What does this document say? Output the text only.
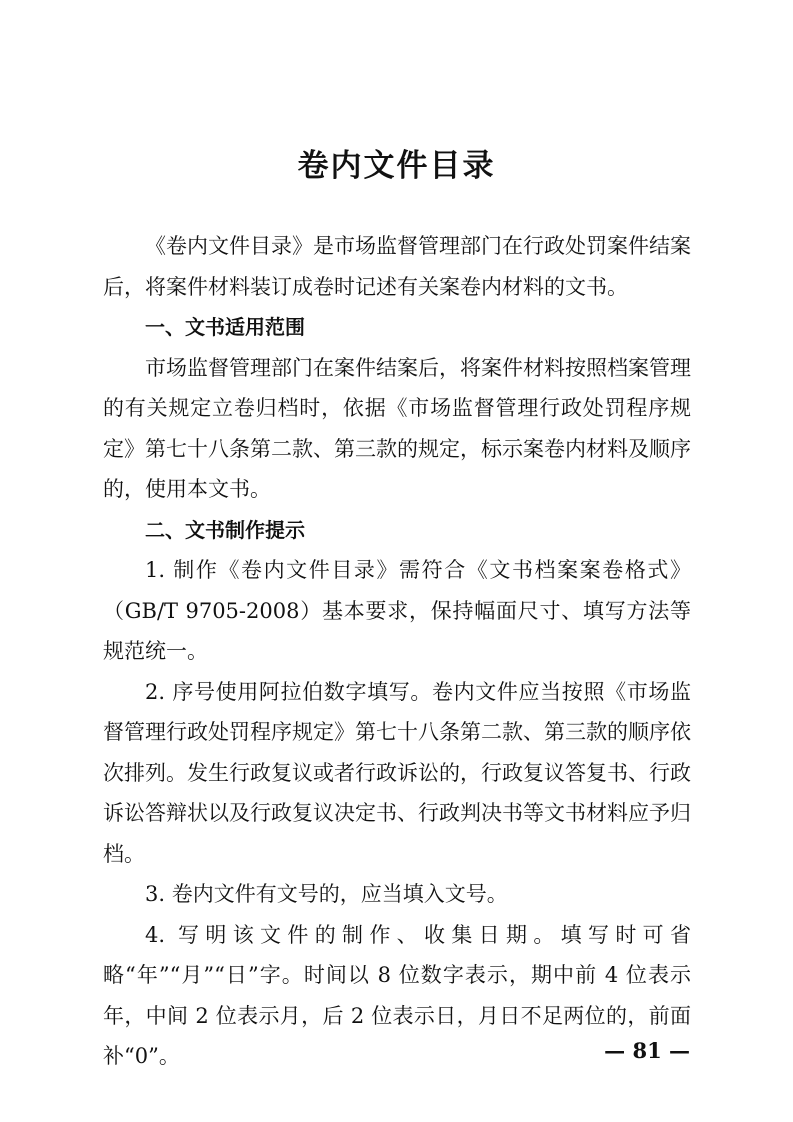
卷内文件目录

《卷内文件目录》是市场监督管理部门在行政处罚案件结案后，将案件材料装订成卷时记述有关案卷内材料的文书。

一、文书适用范围

市场监督管理部门在案件结案后，将案件材料按照档案管理的有关规定立卷归档时，依据《市场监督管理行政处罚程序规定》第七十八条第二款、第三款的规定，标示案卷内材料及顺序的，使用本文书。

二、文书制作提示

1. 制作《卷内文件目录》需符合《文书档案案卷格式》（GB/T 9705-2008）基本要求，保持幅面尺寸、填写方法等规范统一。

2. 序号使用阿拉伯数字填写。卷内文件应当按照《市场监督管理行政处罚程序规定》第七十八条第二款、第三款的顺序依次排列。发生行政复议或者行政诉讼的，行政复议答复书、行政诉讼答辩状以及行政复议决定书、行政判决书等文书材料应予归档。

3. 卷内文件有文号的，应当填入文号。

4. 写明该文件的制作、收集日期。填写时可省略“年”“月”“日”字。时间以 8 位数字表示，期中前 4 位表示年，中间 2 位表示月，后 2 位表示日，月日不足两位的，前面补“0”。	— 81 —
